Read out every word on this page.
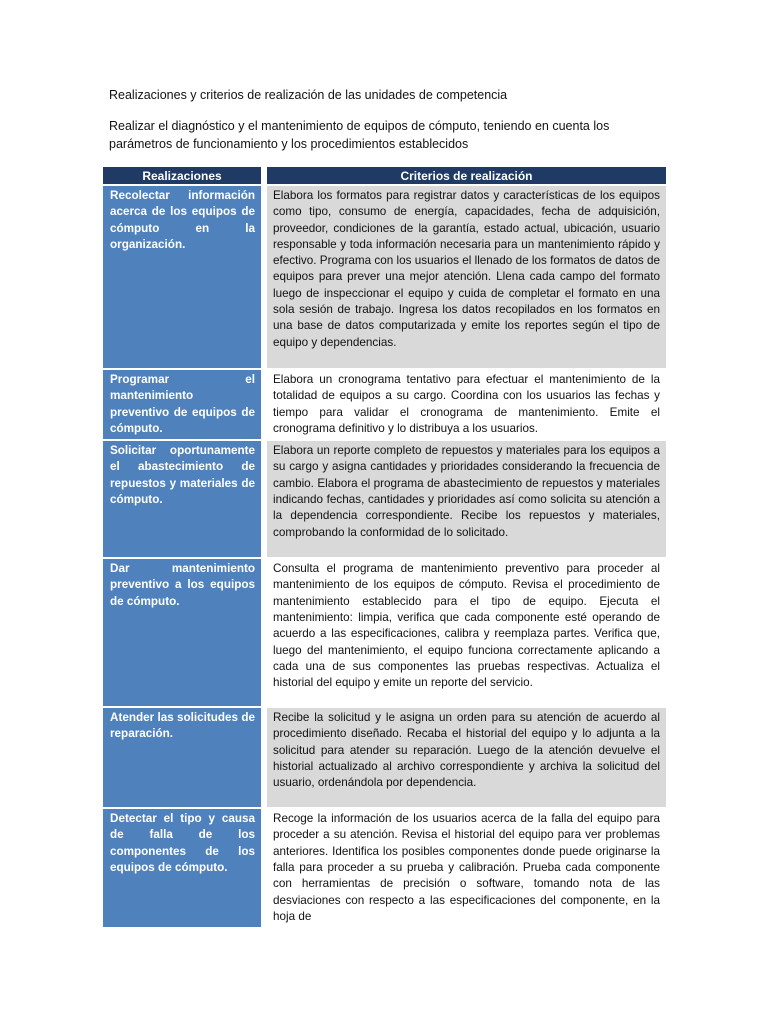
Realizaciones y criterios de realización de las unidades de competencia
Realizar el diagnóstico y el mantenimiento de equipos de cómputo, teniendo en cuenta los parámetros de funcionamiento y los procedimientos establecidos
Realizaciones	Criterios de realización
Recolectar información acerca de los equipos de cómputo en la organización.	Elabora los formatos para registrar datos y características de los equipos como tipo, consumo de energía, capacidades, fecha de adquisición, proveedor, condiciones de la garantía, estado actual, ubicación, usuario responsable y toda información necesaria para un mantenimiento rápido y efectivo. Programa con los usuarios el llenado de los formatos de datos de equipos para prever una mejor atención. Llena cada campo del formato luego de inspeccionar el equipo y cuida de completar el formato en una sola sesión de trabajo. Ingresa los datos recopilados en los formatos en una base de datos computarizada y emite los reportes según el tipo de equipo y dependencias.
Programar el mantenimiento preventivo de equipos de cómputo.	Elabora un cronograma tentativo para efectuar el mantenimiento de la totalidad de equipos a su cargo. Coordina con los usuarios las fechas y tiempo para validar el cronograma de mantenimiento. Emite el cronograma definitivo y lo distribuya a los usuarios.
Solicitar oportunamente el abastecimiento de repuestos y materiales de cómputo.	Elabora un reporte completo de repuestos y materiales para los equipos a su cargo y asigna cantidades y prioridades considerando la frecuencia de cambio. Elabora el programa de abastecimiento de repuestos y materiales indicando fechas, cantidades y prioridades así como solicita su atención a la dependencia correspondiente. Recibe los repuestos y materiales, comprobando la conformidad de lo solicitado.
Dar mantenimiento preventivo a los equipos de cómputo.	Consulta el programa de mantenimiento preventivo para proceder al mantenimiento de los equipos de cómputo. Revisa el procedimiento de mantenimiento establecido para el tipo de equipo. Ejecuta el mantenimiento: limpia, verifica que cada componente esté operando de acuerdo a las especificaciones, calibra y reemplaza partes. Verifica que, luego del mantenimiento, el equipo funciona correctamente aplicando a cada una de sus componentes las pruebas respectivas. Actualiza el historial del equipo y emite un reporte del servicio.
Atender las solicitudes de reparación.	Recibe la solicitud y le asigna un orden para su atención de acuerdo al procedimiento diseñado. Recaba el historial del equipo y lo adjunta a la solicitud para atender su reparación. Luego de la atención devuelve el historial actualizado al archivo correspondiente y archiva la solicitud del usuario, ordenándola por dependencia.
Detectar el tipo y causa de falla de los componentes de los equipos de cómputo.	Recoge la información de los usuarios acerca de la falla del equipo para proceder a su atención. Revisa el historial del equipo para ver problemas anteriores. Identifica los posibles componentes donde puede originarse la falla para proceder a su prueba y calibración. Prueba cada componente con herramientas de precisión o software, tomando nota de las desviaciones con respecto a las especificaciones del componente, en la hoja de
